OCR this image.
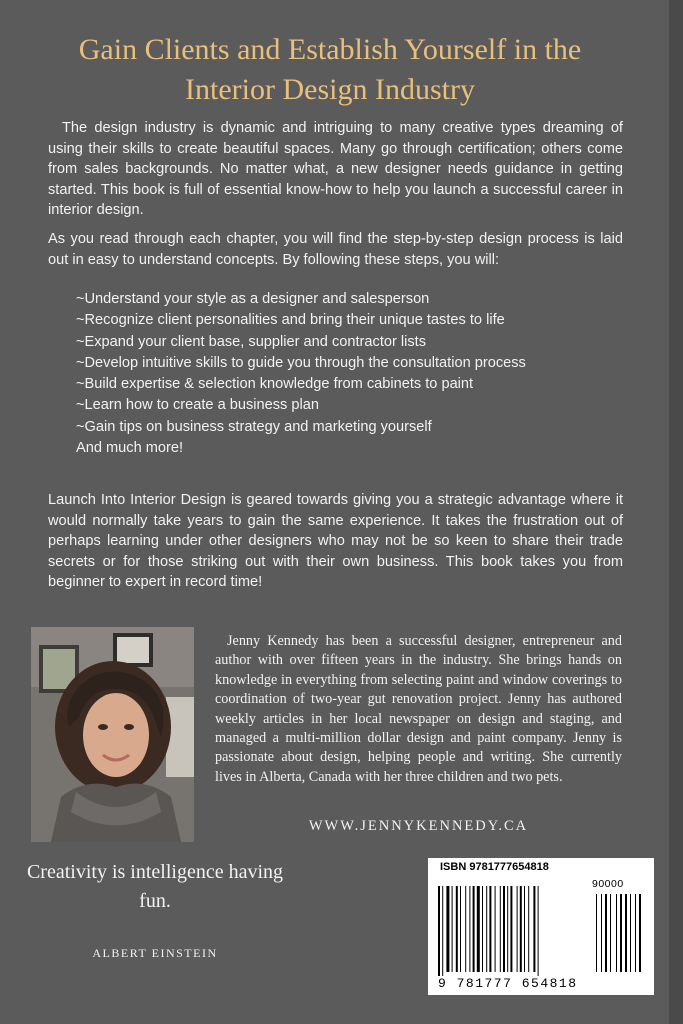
Gain Clients and Establish Yourself in the Interior Design Industry
The design industry is dynamic and intriguing to many creative types dreaming of using their skills to create beautiful spaces. Many go through certification; others come from sales backgrounds. No matter what, a new designer needs guidance in getting started. This book is full of essential know-how to help you launch a successful career in interior design.
As you read through each chapter, you will find the step-by-step design process is laid out in easy to understand concepts. By following these steps, you will:
~Understand your style as a designer and salesperson
~Recognize client personalities and bring their unique tastes to life
~Expand your client base, supplier and contractor lists
~Develop intuitive skills to guide you through the consultation process
~Build expertise & selection knowledge from cabinets to paint
~Learn how to create a business plan
~Gain tips on business strategy and marketing yourself
And much more!
Launch Into Interior Design is geared towards giving you a strategic advantage where it would normally take years to gain the same experience. It takes the frustration out of perhaps learning under other designers who may not be so keen to share their trade secrets or for those striking out with their own business. This book takes you from beginner to expert in record time!
Jenny Kennedy has been a successful designer, entrepreneur and author with over fifteen years in the industry. She brings hands on knowledge in everything from selecting paint and window coverings to coordination of two-year gut renovation project. Jenny has authored weekly articles in her local newspaper on design and staging, and managed a multi-million dollar design and paint company. Jenny is passionate about design, helping people and writing. She currently lives in Alberta, Canada with her three children and two pets.
WWW.JENNYKENNEDY.CA
Creativity is intelligence having fun.
ALBERT EINSTEIN
ISBN 9781777654818
90000
9 781777 654818
